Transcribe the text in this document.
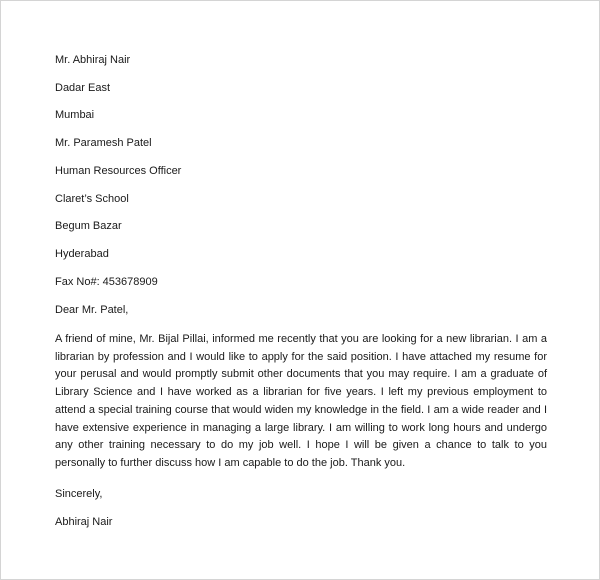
Mr. Abhiraj Nair

Dadar East

Mumbai

Mr. Paramesh Patel

Human Resources Officer

Claret’s School

Begum Bazar

Hyderabad

Fax No#: 453678909

Dear Mr. Patel,

A friend of mine, Mr. Bijal Pillai, informed me recently that you are looking for a new librarian. I am a librarian by profession and I would like to apply for the said position. I have attached my resume for your perusal and would promptly submit other documents that you may require. I am a graduate of Library Science and I have worked as a librarian for five years. I left my previous employment to attend a special training course that would widen my knowledge in the field. I am a wide reader and I have extensive experience in managing a large library. I am willing to work long hours and undergo any other training necessary to do my job well. I hope I will be given a chance to talk to you personally to further discuss how I am capable to do the job. Thank you.

Sincerely,

Abhiraj Nair
